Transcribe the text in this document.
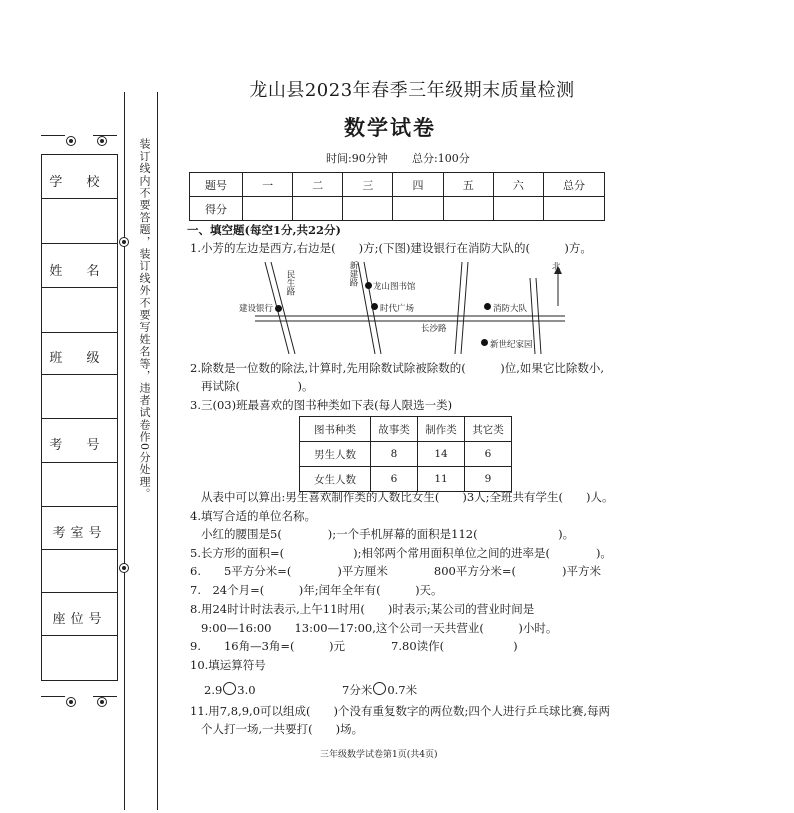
学 校
姓 名
班 级
考 号
考室号
座位号

装订线内不要答题，装订线外不要写姓名等，违者试卷作0分处理。
龙山县2023年春季三年级期末质量检测
数学试卷
时间:90分钟 总分:100分
题号	一	二	三	四	五	六	总分
得分							
一、填空题(每空1分,共22分)
1.小芳的左边是西方,右边是(　　)方;(下图)建设银行在消防大队的(　　　)方。
民生路	新建路
长沙路
建设银行
龙山图书馆
时代广场	消防大队
新世纪家园
北
2.除数是一位数的除法,计算时,先用除数试除被除数的(　　　)位,如果它比除数小,
再试除(　　　　　)。
3.三(03)班最喜欢的图书种类如下表(每人限选一类)
图书种类	故事类	制作类	其它类
男生人数	8	14	6
女生人数	6	11	9
从表中可以算出:男生喜欢制作类的人数比女生(　　)3人;全班共有学生(　　)人。
4.填写合适的单位名称。
小红的腰围是5(　　　　);一个手机屏幕的面积是112(　　　　　　　)。
5.长方形的面积=(　　　　　　);相邻两个常用面积单位之间的进率是(　　　　)。
6.　　5平方分米=(　　　　)平方厘米　　　　800平方分米=(　　　　)平方米
7.　24个月=(　　　)年;闰年全年有(　　　)天。
8.用24时计时法表示,上午11时用(　　)时表示;某公司的营业时间是
9:00—16:00　　13:00—17:00,这个公司一天共营业(　　　)小时。
9.　　16角—3角=(　　　)元　　　　7.80读作(　　　　　　)
10.填运算符号
2.9 3.0	7分米 0.7米
11.用7,8,9,0可以组成(　　)个没有重复数字的两位数;四个人进行乒乓球比赛,每两
个人打一场,一共要打(　　)场。
三年级数学试卷第1页(共4页)
